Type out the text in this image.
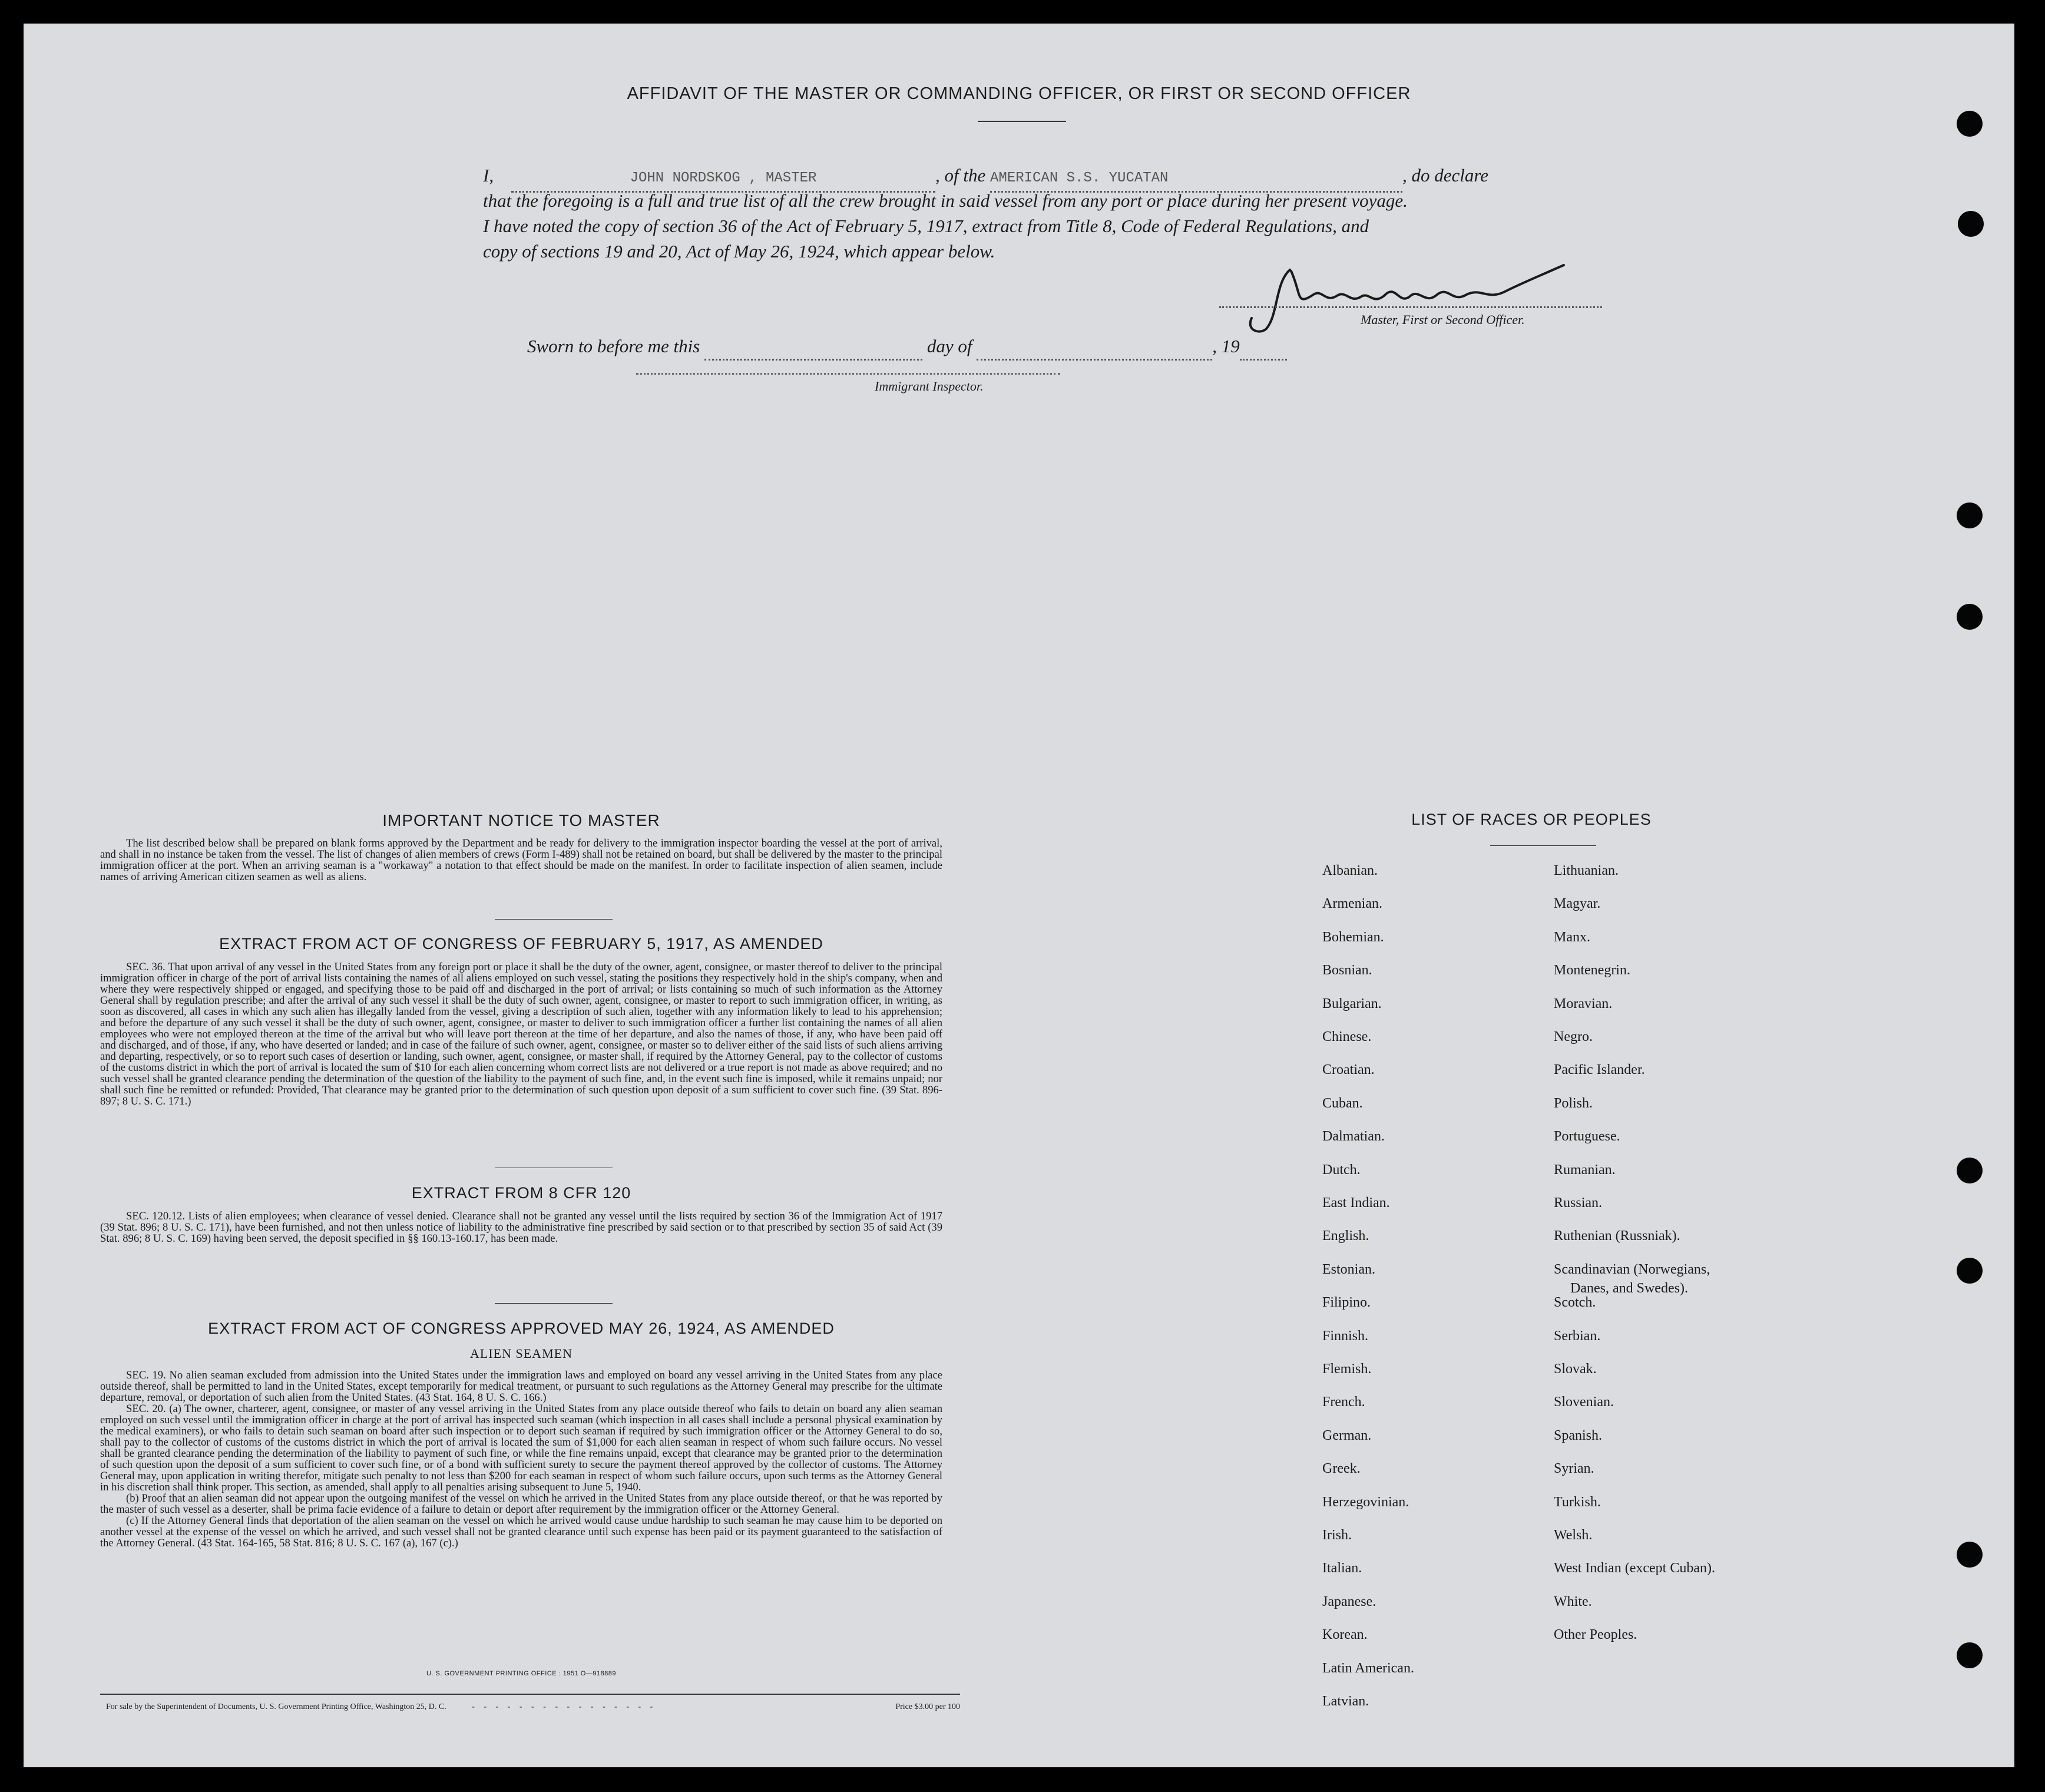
AFFIDAVIT OF THE MASTER OR COMMANDING OFFICER, OR FIRST OR SECOND OFFICER
I,	JOHN NORDSKOG , MASTER	, of the AMERICAN S.S. YUCATAN	, do declare
that the foregoing is a full and true list of all the crew brought in said vessel from any port or place during her present voyage.
I have noted the copy of section 36 of the Act of February 5, 1917, extract from Title 8, Code of Federal Regulations, and
copy of sections 19 and 20, Act of May 26, 1924, which appear below.
Master, First or Second Officer.
Sworn to before me this	day of	, 19
Immigrant Inspector.
IMPORTANT NOTICE TO MASTER

The list described below shall be prepared on blank forms approved by the Department and be ready for delivery to the immigration inspector boarding the vessel at the port of arrival, and shall in no instance be taken from the vessel. The list of changes of alien members of crews (Form I-489) shall not be retained on board, but shall be delivered by the master to the principal immigration officer at the port. When an arriving seaman is a "workaway" a notation to that effect should be made on the manifest. In order to facilitate inspection of alien seamen, include names of arriving American citizen seamen as well as aliens.

EXTRACT FROM ACT OF CONGRESS OF FEBRUARY 5, 1917, AS AMENDED

SEC. 36. That upon arrival of any vessel in the United States from any foreign port or place it shall be the duty of the owner, agent, consignee, or master thereof to deliver to the principal immigration officer in charge of the port of arrival lists containing the names of all aliens employed on such vessel, stating the positions they respectively hold in the ship's company, when and where they were respectively shipped or engaged, and specifying those to be paid off and discharged in the port of arrival; or lists containing so much of such information as the Attorney General shall by regulation prescribe; and after the arrival of any such vessel it shall be the duty of such owner, agent, consignee, or master to report to such immigration officer, in writing, as soon as discovered, all cases in which any such alien has illegally landed from the vessel, giving a description of such alien, together with any information likely to lead to his apprehension; and before the departure of any such vessel it shall be the duty of such owner, agent, consignee, or master to deliver to such immigration officer a further list containing the names of all alien employees who were not employed thereon at the time of the arrival but who will leave port thereon at the time of her departure, and also the names of those, if any, who have been paid off and discharged, and of those, if any, who have deserted or landed; and in case of the failure of such owner, agent, consignee, or master so to deliver either of the said lists of such aliens arriving and departing, respectively, or so to report such cases of desertion or landing, such owner, agent, consignee, or master shall, if required by the Attorney General, pay to the collector of customs of the customs district in which the port of arrival is located the sum of $10 for each alien concerning whom correct lists are not delivered or a true report is not made as above required; and no such vessel shall be granted clearance pending the determination of the question of the liability to the payment of such fine, and, in the event such fine is imposed, while it remains unpaid; nor shall such fine be remitted or refunded: Provided, That clearance may be granted prior to the determination of such question upon deposit of a sum sufficient to cover such fine. (39 Stat. 896-897; 8 U. S. C. 171.)

EXTRACT FROM 8 CFR 120

SEC. 120.12. Lists of alien employees; when clearance of vessel denied. Clearance shall not be granted any vessel until the lists required by section 36 of the Immigration Act of 1917 (39 Stat. 896; 8 U. S. C. 171), have been furnished, and not then unless notice of liability to the administrative fine prescribed by said section or to that prescribed by section 35 of said Act (39 Stat. 896; 8 U. S. C. 169) having been served, the deposit specified in §§ 160.13-160.17, has been made.

EXTRACT FROM ACT OF CONGRESS APPROVED MAY 26, 1924, AS AMENDED
ALIEN SEAMEN

SEC. 19. No alien seaman excluded from admission into the United States under the immigration laws and employed on board any vessel arriving in the United States from any place outside thereof, shall be permitted to land in the United States, except temporarily for medical treatment, or pursuant to such regulations as the Attorney General may prescribe for the ultimate departure, removal, or deportation of such alien from the United States. (43 Stat. 164, 8 U. S. C. 166.)

SEC. 20. (a) The owner, charterer, agent, consignee, or master of any vessel arriving in the United States from any place outside thereof who fails to detain on board any alien seaman employed on such vessel until the immigration officer in charge at the port of arrival has inspected such seaman (which inspection in all cases shall include a personal physical examination by the medical examiners), or who fails to detain such seaman on board after such inspection or to deport such seaman if required by such immigration officer or the Attorney General to do so, shall pay to the collector of customs of the customs district in which the port of arrival is located the sum of $1,000 for each alien seaman in respect of whom such failure occurs. No vessel shall be granted clearance pending the determination of the liability to payment of such fine, or while the fine remains unpaid, except that clearance may be granted prior to the determination of such question upon the deposit of a sum sufficient to cover such fine, or of a bond with sufficient surety to secure the payment thereof approved by the collector of customs. The Attorney General may, upon application in writing therefor, mitigate such penalty to not less than $200 for each seaman in respect of whom such failure occurs, upon such terms as the Attorney General in his discretion shall think proper. This section, as amended, shall apply to all penalties arising subsequent to June 5, 1940.

(b) Proof that an alien seaman did not appear upon the outgoing manifest of the vessel on which he arrived in the United States from any place outside thereof, or that he was reported by the master of such vessel as a deserter, shall be prima facie evidence of a failure to detain or deport after requirement by the immigration officer or the Attorney General.

(c) If the Attorney General finds that deportation of the alien seaman on the vessel on which he arrived would cause undue hardship to such seaman he may cause him to be deported on another vessel at the expense of the vessel on which he arrived, and such vessel shall not be granted clearance until such expense has been paid or its payment guaranteed to the satisfaction of the Attorney General. (43 Stat. 164-165, 58 Stat. 816; 8 U. S. C. 167 (a), 167 (c).)

U. S. GOVERNMENT PRINTING OFFICE : 1951 O—918889
For sale by the Superintendent of Documents, U. S. Government Printing Office, Washington 25, D. C.	- - - - - - - - - - - - - - - -	Price $3.00 per 100
LIST OF RACES OR PEOPLES
Albanian.
Armenian.
Bohemian.
Bosnian.
Bulgarian.
Chinese.
Croatian.
Cuban.
Dalmatian.
Dutch.
East Indian.
English.
Estonian.
Filipino.
Finnish.
Flemish.
French.
German.
Greek.
Herzegovinian.
Irish.
Italian.
Japanese.
Korean.
Latin American.
Latvian.
Lithuanian.
Magyar.
Manx.
Montenegrin.
Moravian.
Negro.
Pacific Islander.
Polish.
Portuguese.
Rumanian.
Russian.
Ruthenian (Russniak).
Scandinavian (Norwegians,
Danes, and Swedes).
Scotch.
Serbian.
Slovak.
Slovenian.
Spanish.
Syrian.
Turkish.
Welsh.
West Indian (except Cuban).
White.
Other Peoples.
